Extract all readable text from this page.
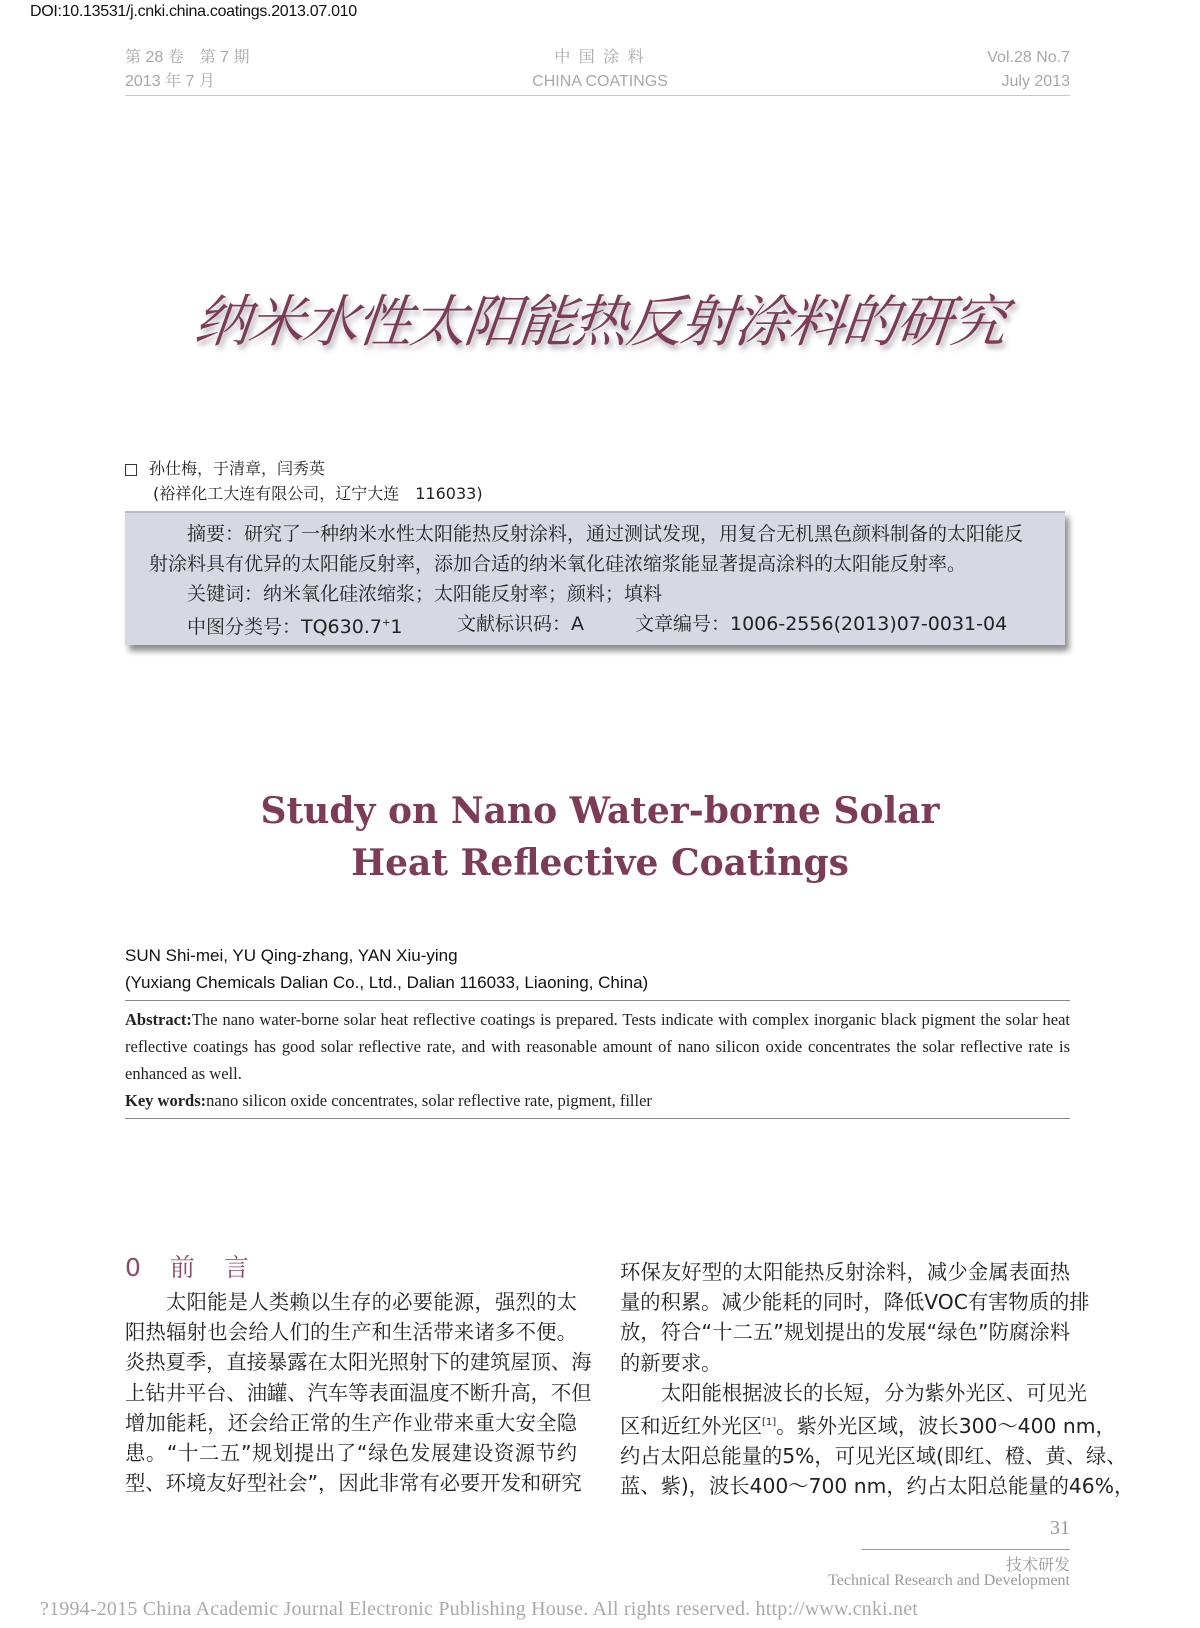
DOI:10.13531/j.cnki.china.coatings.2013.07.010
第 28 卷　第 7 期
2013 年 7 月
中 国 涂 料
CHINA COATINGS
Vol.28 No.7
July 2013
纳米水性太阳能热反射涂料的研究
孙仕梅，于清章，闫秀英
(裕祥化工大连有限公司，辽宁大连　116033)
　　摘要：研究了一种纳米水性太阳能热反射涂料，通过测试发现，用复合无机黑色颜料制备的太阳能反
射涂料具有优异的太阳能反射率，添加合适的纳米氧化硅浓缩浆能显著提高涂料的太阳能反射率。
　　关键词：纳米氧化硅浓缩浆；太阳能反射率；颜料；填料
　　中图分类号：TQ630.7+1	文献标识码：A	文章编号：1006-2556(2013)07-0031-04
Study on Nano Water-borne Solar
Heat Reflective Coatings
SUN Shi-mei, YU Qing-zhang, YAN Xiu-ying
(Yuxiang Chemicals Dalian Co., Ltd., Dalian 116033, Liaoning, China)
Abstract:The nano water-borne solar heat reflective coatings is prepared. Tests indicate with complex inorganic black pigment the solar heat reflective coatings has good solar reflective rate, and with reasonable amount of nano silicon oxide concentrates the solar reflective rate is enhanced as well.
Key words:nano silicon oxide concentrates, solar reflective rate, pigment, filler
0　前　言
太阳能是人类赖以生存的必要能源，强烈的太
阳热辐射也会给人们的生产和生活带来诸多不便。
炎热夏季，直接暴露在太阳光照射下的建筑屋顶、海
上钻井平台、油罐、汽车等表面温度不断升高，不但
增加能耗，还会给正常的生产作业带来重大安全隐
患。“十二五”规划提出了“绿色发展建设资源节约
型、环境友好型社会”，因此非常有必要开发和研究
环保友好型的太阳能热反射涂料，减少金属表面热
量的积累。减少能耗的同时，降低VOC有害物质的排
放，符合“十二五”规划提出的发展“绿色”防腐涂料
的新要求。
太阳能根据波长的长短，分为紫外光区、可见光
区和近红外光区[1]。紫外光区域，波长300～400 nm，
约占太阳总能量的5%，可见光区域(即红、橙、黄、绿、
蓝、紫)，波长400～700 nm，约占太阳总能量的46%，
31
技术研发
Technical Research and Development
?1994-2015 China Academic Journal Electronic Publishing House. All rights reserved. http://www.cnki.net
